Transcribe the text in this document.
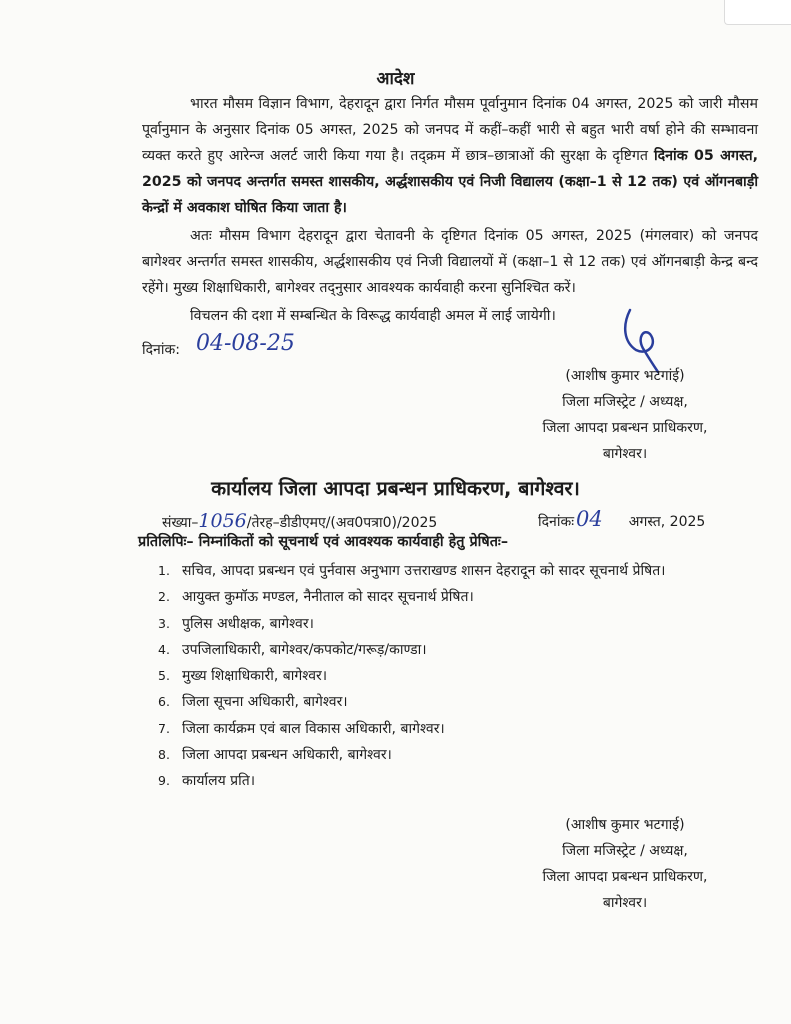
आदेश
भारत मौसम विज्ञान विभाग, देहरादून द्वारा निर्गत मौसम पूर्वानुमान दिनांक 04 अगस्त, 2025 को जारी मौसम पूर्वानुमान के अनुसार दिनांक 05 अगस्त, 2025 को जनपद में कहीं–कहीं भारी से बहुत भारी वर्षा होने की सम्भावना व्यक्त करते हुए आरेन्ज अलर्ट जारी किया गया है। तद्क्रम में छात्र–छात्राओं की सुरक्षा के दृष्टिगत दिनांक 05 अगस्त, 2025 को जनपद अन्तर्गत समस्त शासकीय, अर्द्धशासकीय एवं निजी विद्यालय (कक्षा–1 से 12 तक) एवं ऑगनबाड़ी केन्द्रों में अवकाश घोषित किया जाता है।
अतः मौसम विभाग देहरादून द्वारा चेतावनी के दृष्टिगत दिनांक 05 अगस्त, 2025 (मंगलवार) को जनपद बागेश्वर अन्तर्गत समस्त शासकीय, अर्द्धशासकीय एवं निजी विद्यालयों में (कक्षा–1 से 12 तक) एवं ऑगनबाड़ी केन्द्र बन्द रहेंगे। मुख्य शिक्षाधिकारी, बागेश्वर तद्नुसार आवश्यक कार्यवाही करना सुनिश्चित करें।
विचलन की दशा में सम्बन्धित के विरूद्ध कार्यवाही अमल में लाई जायेगी।
दिनांक: 04-08-25
(आशीष कुमार भटगांई)
जिला मजिस्ट्रेट / अध्यक्ष,
जिला आपदा प्रबन्धन प्राधिकरण,
बागेश्वर।
कार्यालय जिला आपदा प्रबन्धन प्राधिकरण, बागेश्वर।
संख्या–1056/तेरह–डीडीएमए/(अव0पत्रा0)/2025	दिनांकः04 अगस्त, 2025
प्रतिलिपिः– निम्नांकितों को सूचनार्थ एवं आवश्यक कार्यवाही हेतु प्रेषितः–
1. सचिव, आपदा प्रबन्धन एवं पुर्नवास अनुभाग उत्तराखण्ड शासन देहरादून को सादर सूचनार्थ प्रेषित।
2. आयुक्त कुमॉऊ मण्डल, नैनीताल को सादर सूचनार्थ प्रेषित।
3. पुलिस अधीक्षक, बागेश्वर।
4. उपजिलाधिकारी, बागेश्वर/कपकोट/गरूड़/काण्डा।
5. मुख्य शिक्षाधिकारी, बागेश्वर।
6. जिला सूचना अधिकारी, बागेश्वर।
7. जिला कार्यक्रम एवं बाल विकास अधिकारी, बागेश्वर।
8. जिला आपदा प्रबन्धन अधिकारी, बागेश्वर।
9. कार्यालय प्रति।
(आशीष कुमार भटगाई)
जिला मजिस्ट्रेट / अध्यक्ष,
जिला आपदा प्रबन्धन प्राधिकरण,
बागेश्वर।
